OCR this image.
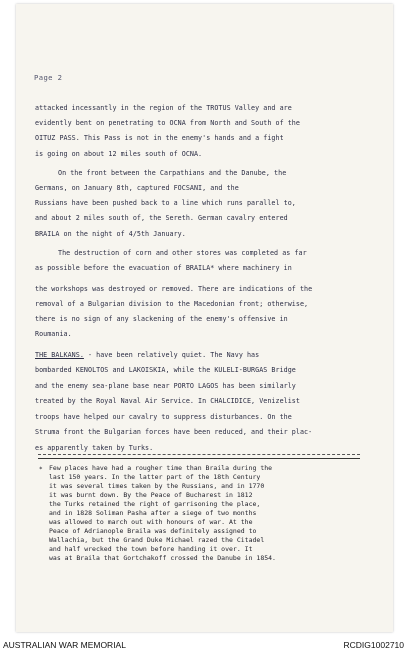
Page 2
attacked incessantly in the region of the TROTUS Valley and are
evidently bent on penetrating to OCNA from North and South of the
OITUZ PASS. This Pass is not in the enemy's hands and a fight
is going on about 12 miles south of OCNA.
On the front between the Carpathians and the Danube, the
Germans, on January 8th, captured FOCSANI, and the
Russians have been pushed back to a line which runs parallel to,
and about 2 miles south of, the Sereth. German cavalry entered
BRAILA on the night of 4/5th January.
The destruction of corn and other stores was completed as far
as possible before the evacuation of BRAILA* where machinery in
the workshops was destroyed or removed. There are indications of the
removal of a Bulgarian division to the Macedonian front; otherwise,
there is no sign of any slackening of the enemy's offensive in
Roumania.
THE BALKANS. - have been relatively quiet. The Navy has
bombarded KENOLTOS and LAKOISKIA, while the KULELI-BURGAS Bridge
and the enemy sea-plane base near PORTO LAGOS has been similarly
treated by the Royal Naval Air Service. In CHALCIDICE, Venizelist
troops have helped our cavalry to suppress disturbances. On the
Struma front the Bulgarian forces have been reduced, and their plac-
es apparently taken by Turks.
* Few places have had a rougher time than Braila during the
last 150 years. In the latter part of the 18th Century
it was several times taken by the Russians, and in 1770
it was burnt down. By the Peace of Bucharest in 1812
the Turks retained the right of garrisoning the place,
and in 1828 Soliman Pasha after a siege of two months
was allowed to march out with honours of war. At the
Peace of Adrianople Braila was definitely assigned to
Wallachia, but the Grand Duke Michael razed the Citadel
and half wrecked the town before handing it over. It
was at Braila that Gortchakoff crossed the Danube in 1854.
AUSTRALIAN WAR MEMORIAL	RCDIG1002710
